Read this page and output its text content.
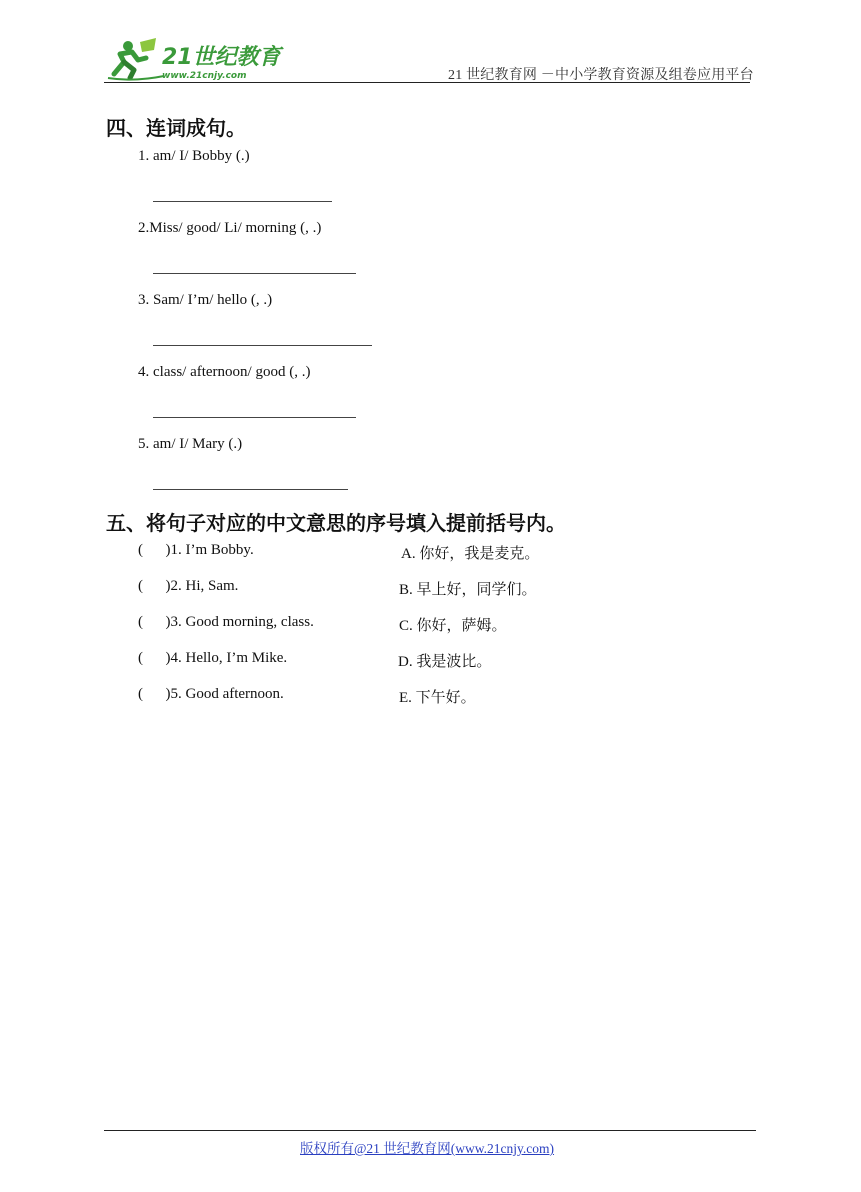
21世纪教育
www.21cnjy.com	21 世纪教育网 －中小学教育资源及组卷应用平台
四、连词成句。
1. am/ I/ Bobby (.)
2.Miss/ good/ Li/ morning (, .)
3. Sam/ I’m/ hello (, .)
4. class/ afternoon/ good (, .)
5. am/ I/ Mary (.)
五、将句子对应的中文意思的序号填入提前括号内。
(      )1. I’m Bobby.	A. 你好，我是麦克。
(      )2. Hi, Sam.	B. 早上好，同学们。
(      )3. Good morning, class.	C. 你好，萨姆。
(      )4. Hello, I’m Mike.	D. 我是波比。
(      )5. Good afternoon.	E. 下午好。
版权所有@21 世纪教育网(www.21cnjy.com)
